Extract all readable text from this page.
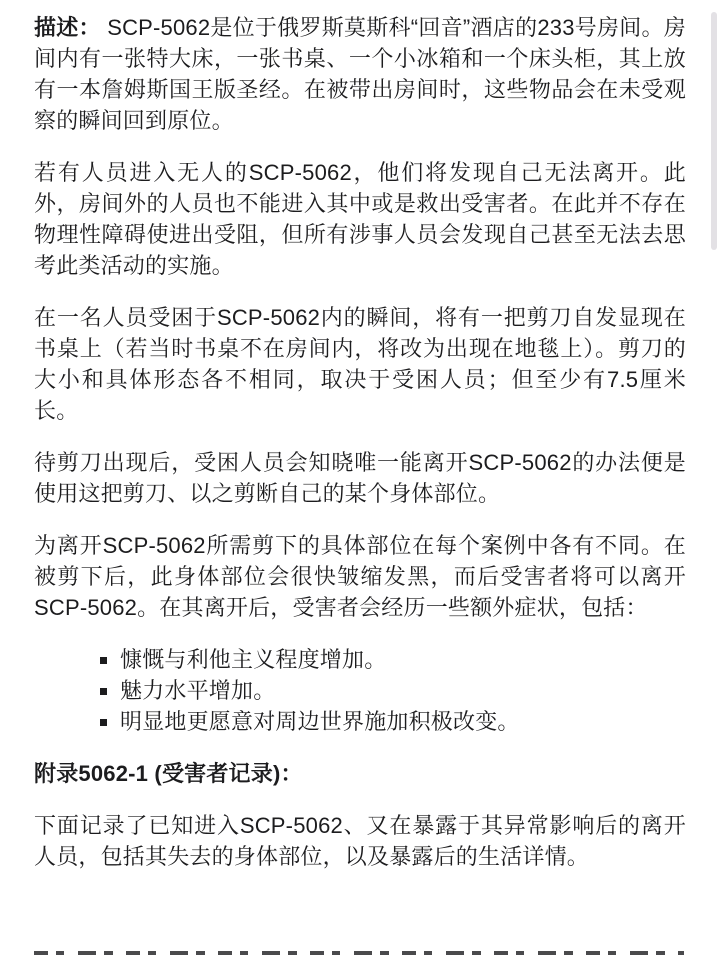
描述： SCP-5062是位于俄罗斯莫斯科“回音”酒店的233号房间。房间内有一张特大床，一张书桌、一个小冰箱和一个床头柜，其上放有一本詹姆斯国王版圣经。在被带出房间时，这些物品会在未受观察的瞬间回到原位。

若有人员进入无人的SCP-5062，他们将发现自己无法离开。此外，房间外的人员也不能进入其中或是救出受害者。在此并不存在物理性障碍使进出受阻，但所有涉事人员会发现自己甚至无法去思考此类活动的实施。

在一名人员受困于SCP-5062内的瞬间，将有一把剪刀自发显现在书桌上（若当时书桌不在房间内，将改为出现在地毯上）。剪刀的大小和具体形态各不相同，取决于受困人员；但至少有7.5厘米长。

待剪刀出现后，受困人员会知晓唯一能离开SCP-5062的办法便是使用这把剪刀、以之剪断自己的某个身体部位。

为离开SCP-5062所需剪下的具体部位在每个案例中各有不同。在被剪下后，此身体部位会很快皱缩发黑，而后受害者将可以离开SCP-5062。在其离开后，受害者会经历一些额外症状，包括：

▪ 慷慨与利他主义程度增加。
▪ 魅力水平增加。
▪ 明显地更愿意对周边世界施加积极改变。

附录5062-1 (受害者记录)：

下面记录了已知进入SCP-5062、又在暴露于其异常影响后的离开人员，包括其失去的身体部位，以及暴露后的生活详情。
